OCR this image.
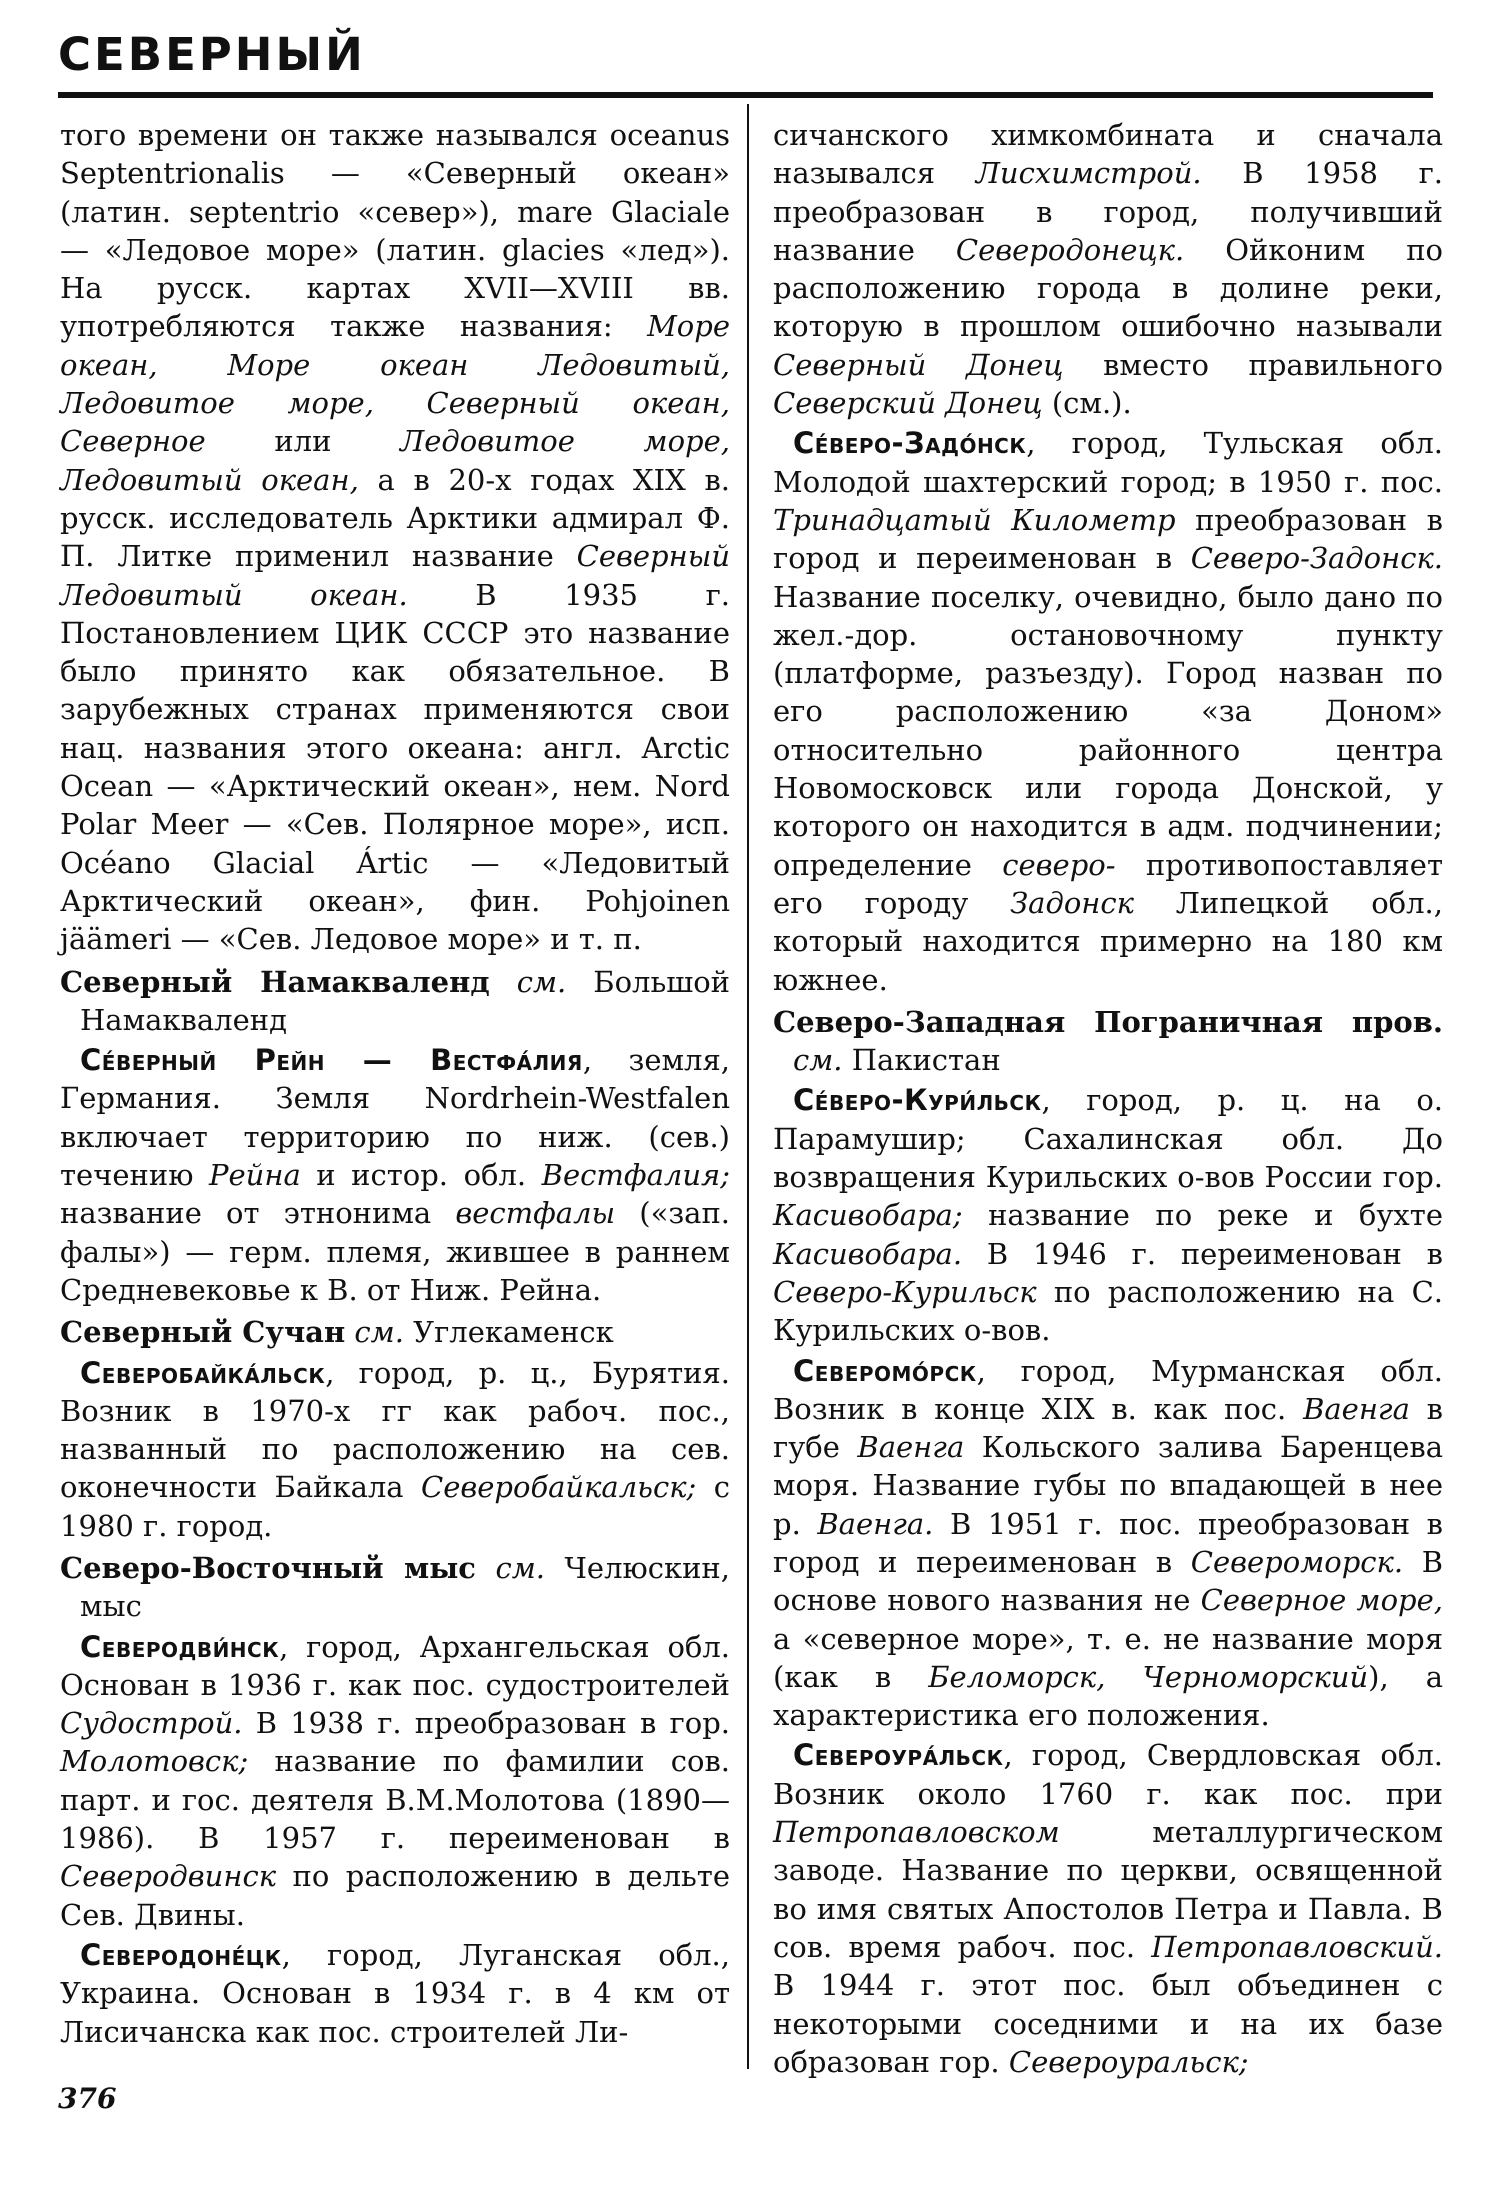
СЕВЕРНЫЙ

того времени он также назывался oceanus Septentrionalis — «Северный океан» (латин. septentrio «север»), mare Glaciale — «Ледовое море» (латин. glacies «лед»). На русск. картах XVII—XVIII вв. употребляются также названия: Море океан, Море океан Ледовитый, Ледовитое море, Северный океан, Северное или Ледовитое море, Ледовитый океан, а в 20-х годах XIX в. русск. исследователь Арктики адмирал Ф. П. Литке применил название Северный Ледовитый океан. В 1935 г. Постановлением ЦИК СССР это название было принято как обязательное. В зарубежных странах применяются свои нац. названия этого океана: англ. Arctic Ocean — «Арктический океан», нем. Nord Polar Meer — «Сев. Полярное море», исп. Océano Glacial Ártic — «Ледовитый Арктический океан», фин. Pohjoinen jäämeri — «Сев. Ледовое море» и т. п.

Северный Намакваленд см. Большой Намакваленд

Се́верный Рейн — Вестфа́лия, земля, Германия. Земля Nordrhein-Westfalen включает территорию по ниж. (сев.) течению Рейна и истор. обл. Вестфалия; название от этнонима вестфалы («зап. фалы») — герм. племя, жившее в раннем Средневековье к В. от Ниж. Рейна.

Северный Сучан см. Углекаменск

Северобайка́льск, город, р. ц., Бурятия. Возник в 1970-х гг как рабоч. пос., названный по расположению на сев. оконечности Байкала Северобайкальск; с 1980 г. город.

Северо-Восточный мыс см. Челюскин, мыс

Северодви́нск, город, Архангельская обл. Основан в 1936 г. как пос. судостроителей Судострой. В 1938 г. преобразован в гор. Молотовск; название по фамилии сов. парт. и гос. деятеля В.М.Молотова (1890—1986). В 1957 г. переименован в Северодвинск по расположению в дельте Сев. Двины.

Северодоне́цк, город, Луганская обл., Украина. Основан в 1934 г. в 4 км от Лисичанска как пос. строителей Ли-

сичанского химкомбината и сначала назывался Лисхимстрой. В 1958 г. преобразован в город, получивший название Северодонецк. Ойконим по расположению города в долине реки, которую в прошлом ошибочно называли Северный Донец вместо правильного Северский Донец (см.).

Се́веро-Задо́нск, город, Тульская обл. Молодой шахтерский город; в 1950 г. пос. Тринадцатый Километр преобразован в город и переименован в Северо-Задонск. Название поселку, очевидно, было дано по жел.-дор. остановочному пункту (платформе, разъезду). Город назван по его расположению «за Доном» относительно районного центра Новомосковск или города Донской, у которого он находится в адм. подчинении; определение северо- противопоставляет его городу Задонск Липецкой обл., который находится примерно на 180 км южнее.

Северо-Западная Пограничная пров. см. Пакистан

Се́веро-Кури́льск, город, р. ц. на о. Парамушир; Сахалинская обл. До возвращения Курильских о-вов России гор. Касивобара; название по реке и бухте Касивобара. В 1946 г. переименован в Северо-Курильск по расположению на С. Курильских о-вов.

Североmо́рск, город, Мурманская обл. Возник в конце XIX в. как пос. Ваенга в губе Ваенга Кольского залива Баренцева моря. Название губы по впадающей в нее р. Ваенга. В 1951 г. пос. преобразован в город и переименован в Североморск. В основе нового названия не Северное море, а «северное море», т. е. не название моря (как в Беломорск, Черноморский), а характеристика его положения.

Североура́льск, город, Свердловская обл. Возник около 1760 г. как пос. при Петропавловском металлургическом заводе. Название по церкви, освященной во имя святых Апостолов Петра и Павла. В сов. время рабоч. пос. Петропавловский. В 1944 г. этот пос. был объединен с некоторыми соседними и на их базе образован гор. Североуральск;

376
